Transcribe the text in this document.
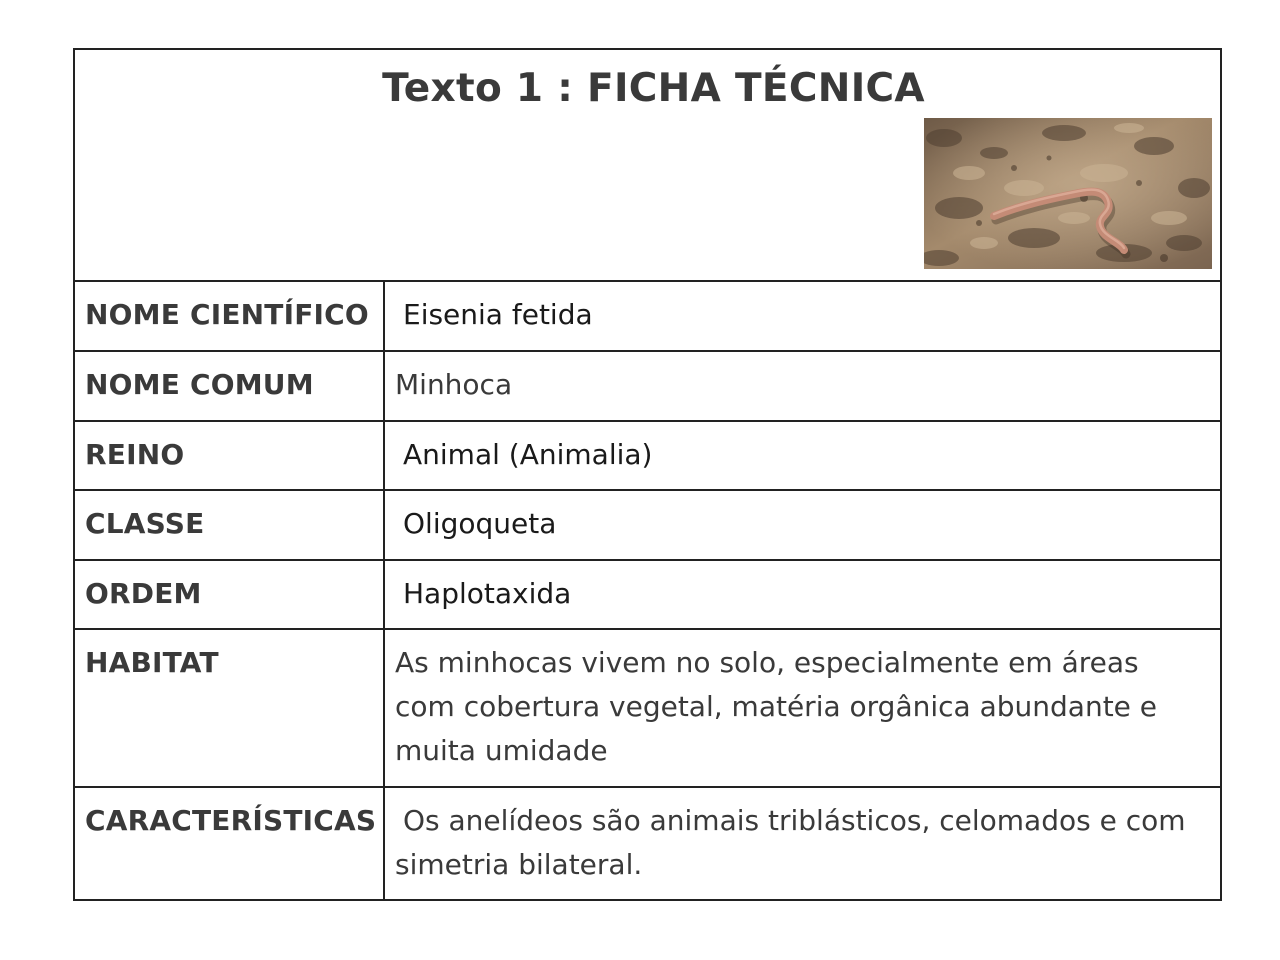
Texto 1 : FICHA TÉCNICA
NOME CIENTÍFICO	Eisenia fetida
NOME COMUM	Minhoca
REINO	Animal (Animalia)
CLASSE	Oligoqueta
ORDEM	Haplotaxida
HABITAT	As minhocas vivem no solo, especialmente em áreas com cobertura vegetal, matéria orgânica abundante e muita umidade
CARACTERÍSTICAS Os anelídeos são animais triblásticos, celomados e com simetria bilateral.
